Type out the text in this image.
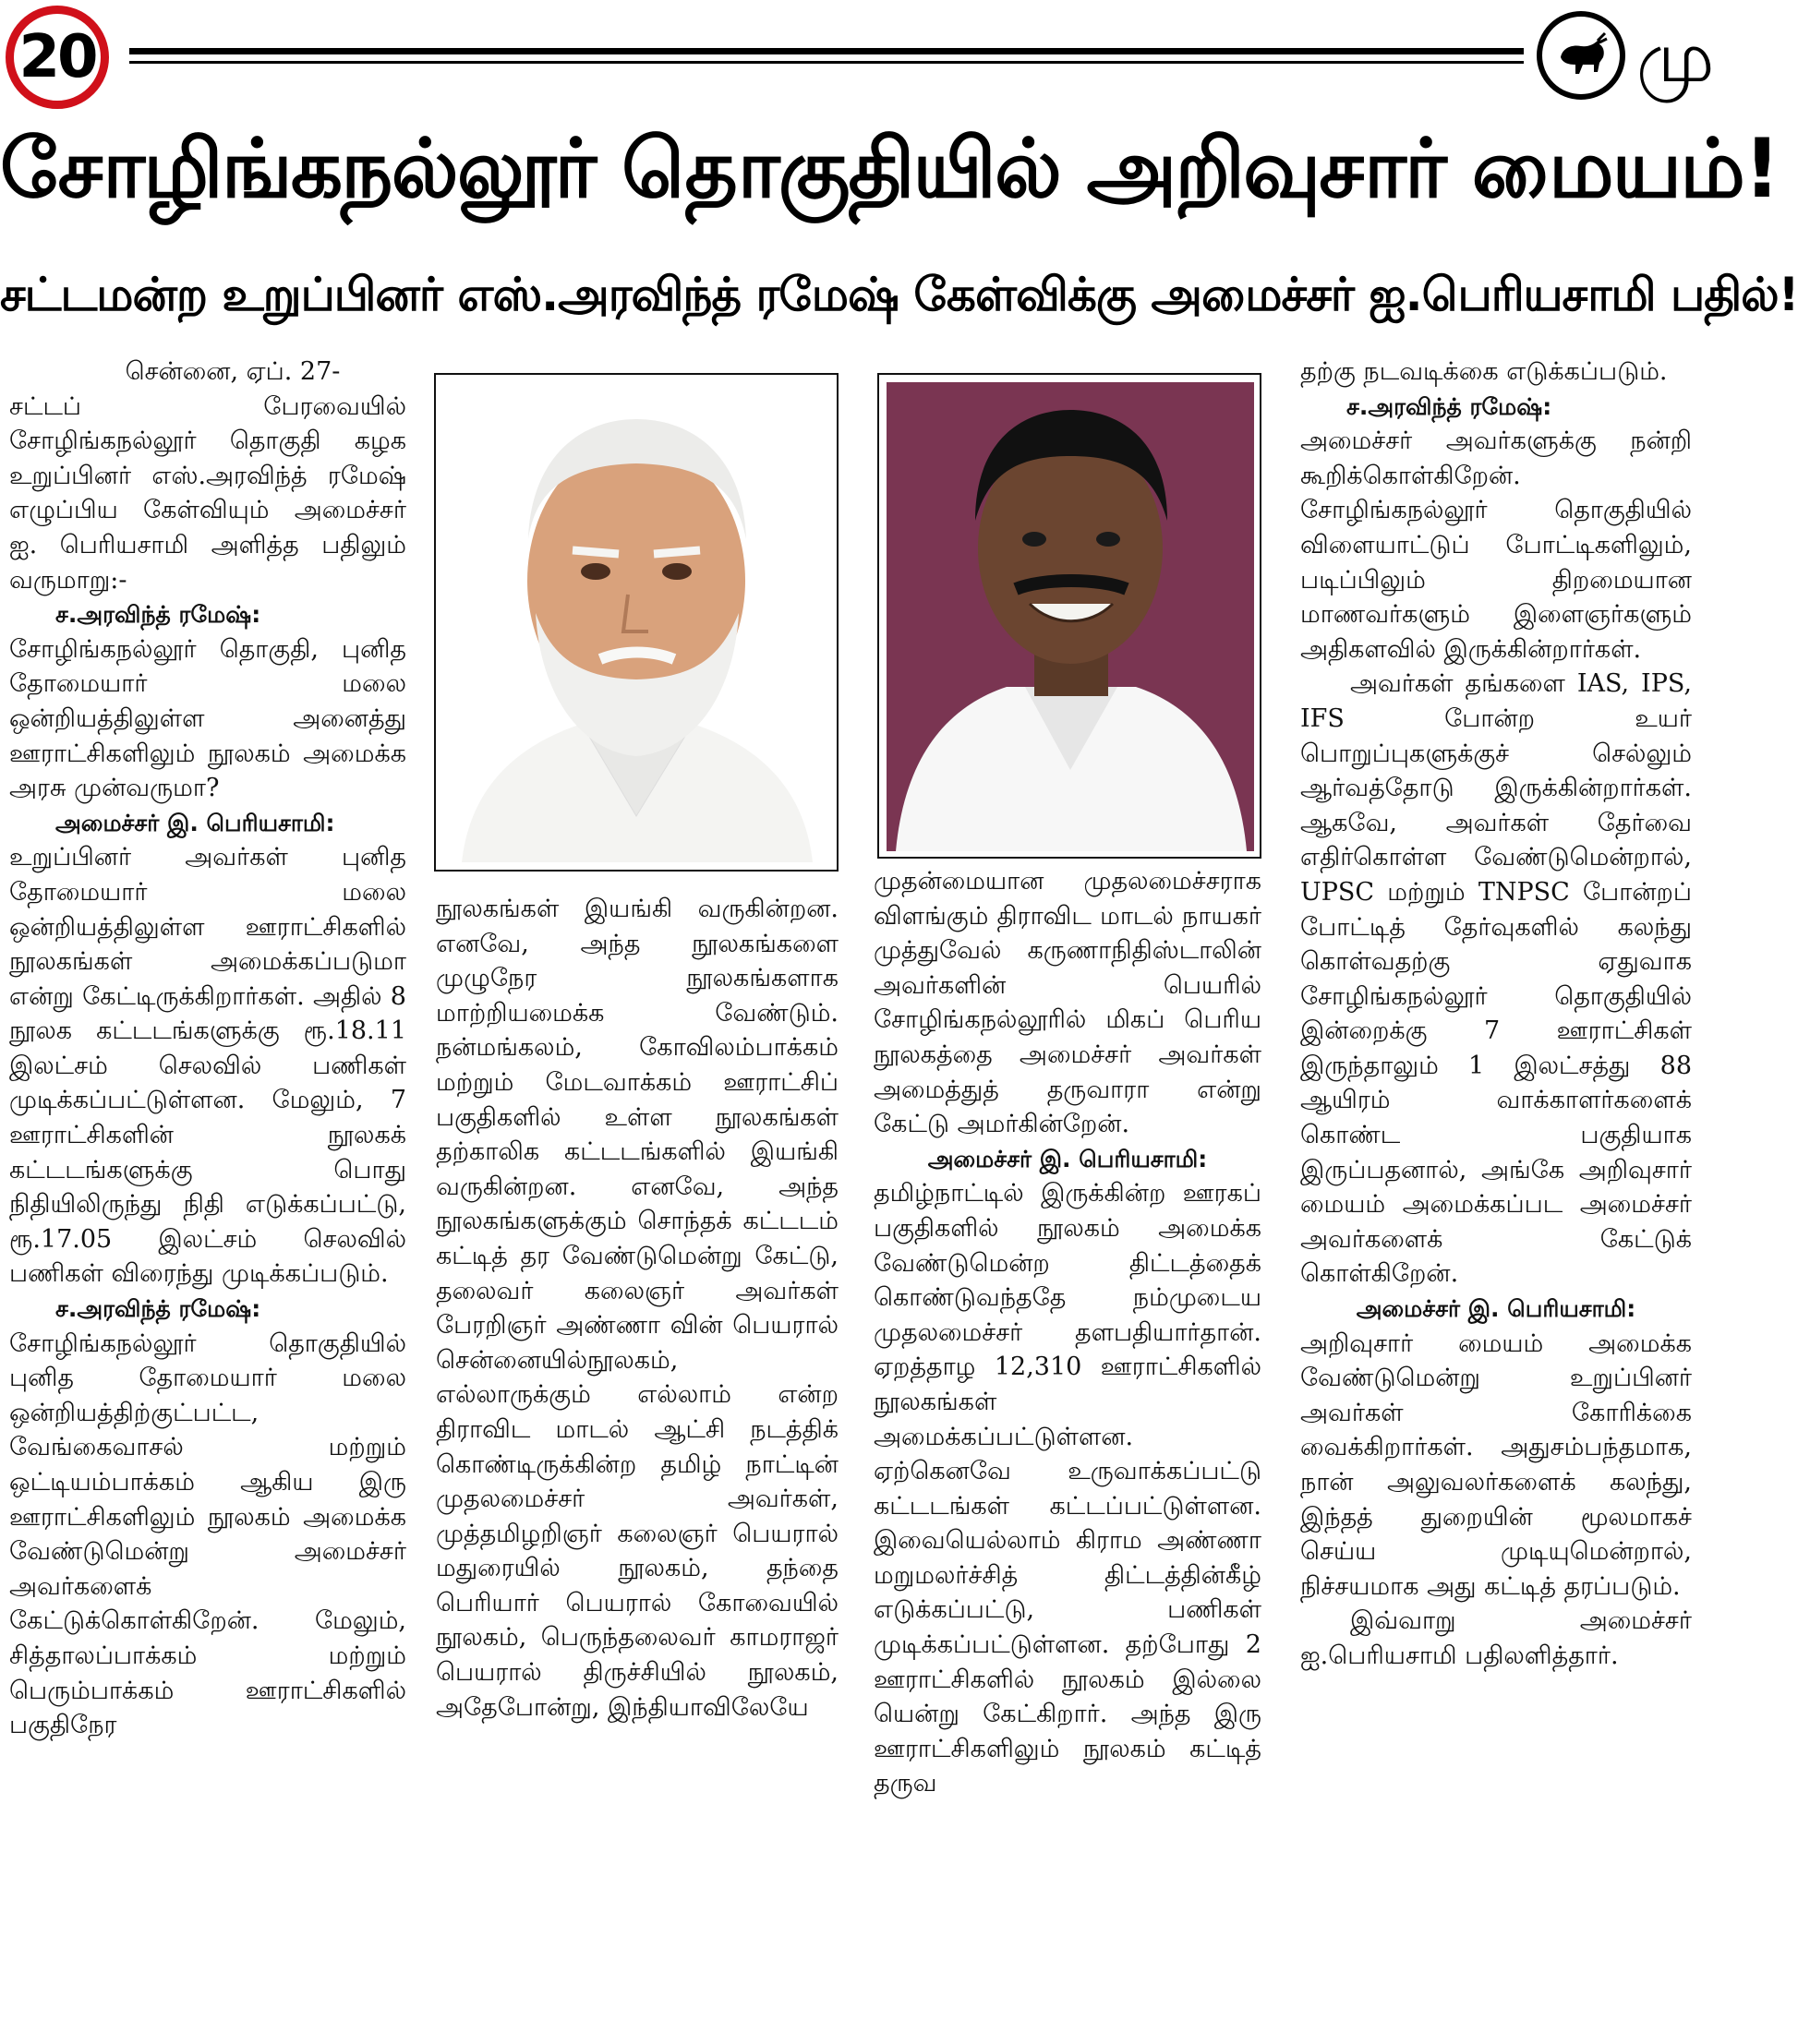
20	மு
சோழிங்கநல்லூர் தொகுதியில் அறிவுசார் மையம்!
சட்டமன்ற உறுப்பினர் எஸ்.அரவிந்த் ரமேஷ் கேள்விக்கு அமைச்சர் ஐ.பெரியசாமி பதில்!

சென்னை, ஏப். 27-

சட்டப் பேரவையில் சோழிங்கநல்லூர் தொகுதி கழக உறுப்பினர் எஸ்.அரவிந்த் ரமேஷ் எழுப்பிய கேள்வியும் அமைச்சர் ஐ. பெரியசாமி அளித்த பதிலும் வருமாறு:-

ச.அரவிந்த் ரமேஷ்:

சோழிங்கநல்லூர் தொகுதி, புனித தோமையார் மலை ஒன்றியத்திலுள்ள அனைத்து ஊராட்சிகளிலும் நூலகம் அமைக்க அரசு முன்வருமா?

அமைச்சர் இ. பெரியசாமி:

உறுப்பினர் அவர்கள் புனித தோமையார் மலை ஒன்றியத்திலுள்ள ஊராட்சிகளில் நூலகங்கள் அமைக்கப்படுமா என்று கேட்டிருக்கிறார்கள். அதில் 8 நூலக கட்டடங்களுக்கு ரூ.18.11 இலட்சம் செலவில் பணிகள் முடிக்கப்பட்டுள்ளன. மேலும், 7 ஊராட்சிகளின் நூலகக் கட்டடங்களுக்கு பொது நிதியிலிருந்து நிதி எடுக்கப்பட்டு, ரூ.17.05 இலட்சம் செலவில் பணிகள் விரைந்து முடிக்கப்படும்.

ச.அரவிந்த் ரமேஷ்:

சோழிங்கநல்லூர் தொகுதியில் புனித தோமையார் மலை ஒன்றியத்திற்குட்பட்ட, வேங்கைவாசல் மற்றும் ஒட்டியம்பாக்கம் ஆகிய இரு ஊராட்சிகளிலும் நூலகம் அமைக்க வேண்டுமென்று அமைச்சர் அவர்களைக் கேட்டுக்கொள்கிறேன். மேலும், சித்தாலப்பாக்கம் மற்றும் பெரும்பாக்கம் ஊராட்சிகளில் பகுதிநேர

நூலகங்கள் இயங்கி வருகின்றன. எனவே, அந்த நூலகங்களை முழுநேர நூலகங்களாக மாற்றியமைக்க வேண்டும். நன்மங்கலம், கோவிலம்பாக்கம் மற்றும் மேடவாக்கம் ஊராட்சிப் பகுதிகளில் உள்ள நூலகங்கள் தற்காலிக கட்டடங்களில் இயங்கி வருகின்றன. எனவே, அந்த நூலகங்களுக்கும் சொந்தக் கட்டடம் கட்டித் தர வேண்டுமென்று கேட்டு, தலைவர் கலைஞர் அவர்கள் பேரறிஞர் அண்ணா வின் பெயரால் சென்னையில்நூலகம், எல்லாருக்கும் எல்லாம் என்ற திராவிட மாடல் ஆட்சி நடத்திக் கொண்டிருக்கின்ற தமிழ் நாட்டின் முதலமைச்சர் அவர்கள், முத்தமிழறிஞர் கலைஞர் பெயரால் மதுரையில் நூலகம், தந்தை பெரியார் பெயரால் கோவையில் நூலகம், பெருந்தலைவர் காமராஜர் பெயரால் திருச்சியில் நூலகம், அதேபோன்று, இந்தியாவிலேயே

முதன்மையான முதலமைச்சராக விளங்கும் திராவிட மாடல் நாயகர் முத்துவேல் கருணாநிதிஸ்டாலின் அவர்களின் பெயரில் சோழிங்கநல்லூரில் மிகப் பெரிய நூலகத்தை அமைச்சர் அவர்கள் அமைத்துத் தருவாரா என்று கேட்டு அமர்கின்றேன்.

அமைச்சர் இ. பெரியசாமி:

தமிழ்நாட்டில் இருக்கின்ற ஊரகப் பகுதிகளில் நூலகம் அமைக்க வேண்டுமென்ற திட்டத்தைக் கொண்டுவந்ததே நம்முடைய முதலமைச்சர் தளபதியார்தான். ஏறத்தாழ 12,310 ஊராட்சிகளில் நூலகங்கள் அமைக்கப்பட்டுள்ளன. ஏற்கெனவே உருவாக்கப்பட்டு கட்டடங்கள் கட்டப்பட்டுள்ளன. இவையெல்லாம் கிராம அண்ணா மறுமலர்ச்சித் திட்டத்தின்கீழ் எடுக்கப்பட்டு, பணிகள் முடிக்கப்பட்டுள்ளன. தற்போது 2 ஊராட்சிகளில் நூலகம் இல்லை யென்று கேட்கிறார். அந்த இரு ஊராட்சிகளிலும் நூலகம் கட்டித் தருவ

தற்கு நடவடிக்கை எடுக்கப்படும்.

ச.அரவிந்த் ரமேஷ்:

அமைச்சர் அவர்களுக்கு நன்றி கூறிக்கொள்கிறேன். சோழிங்கநல்லூர் தொகுதியில் விளையாட்டுப் போட்டிகளிலும், படிப்பிலும் திறமையான மாணவர்களும் இளைஞர்களும் அதிகளவில் இருக்கின்றார்கள்.

அவர்கள் தங்களை IAS, IPS, IFS போன்ற உயர் பொறுப்புகளுக்குச் செல்லும் ஆர்வத்தோடு இருக்கின்றார்கள். ஆகவே, அவர்கள் தேர்வை எதிர்கொள்ள வேண்டுமென்றால், UPSC மற்றும் TNPSC போன்றப் போட்டித் தேர்வுகளில் கலந்து கொள்வதற்கு ஏதுவாக சோழிங்கநல்லூர் தொகுதியில் இன்றைக்கு 7 ஊராட்சிகள் இருந்தாலும் 1 இலட்சத்து 88 ஆயிரம் வாக்காளர்களைக் கொண்ட பகுதியாக இருப்பதனால், அங்கே அறிவுசார் மையம் அமைக்கப்பட அமைச்சர் அவர்களைக் கேட்டுக் கொள்கிறேன்.

அமைச்சர் இ. பெரியசாமி:

அறிவுசார் மையம் அமைக்க வேண்டுமென்று உறுப்பினர் அவர்கள் கோரிக்கை வைக்கிறார்கள். அதுசம்பந்தமாக, நான் அலுவலர்களைக் கலந்து, இந்தத் துறையின் மூலமாகச் செய்ய முடியுமென்றால், நிச்சயமாக அது கட்டித் தரப்படும்.

இவ்வாறு அமைச்சர் ஐ.பெரியசாமி பதிலளித்தார்.
